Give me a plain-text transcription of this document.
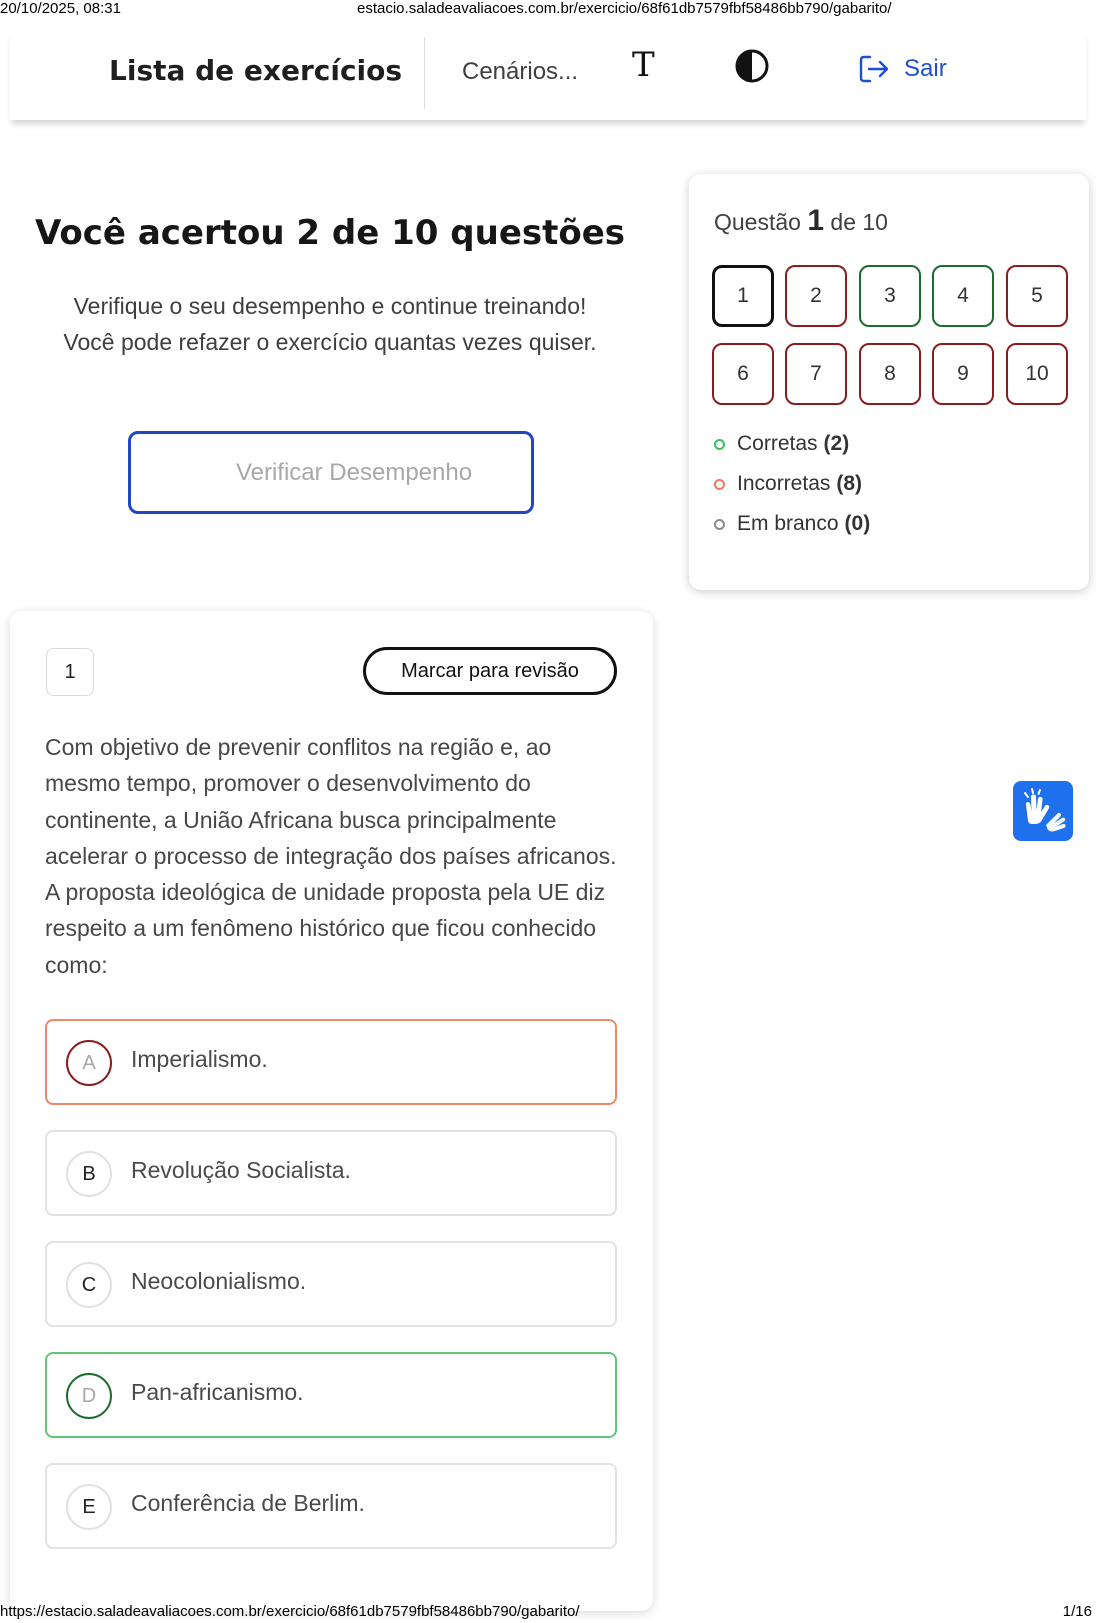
20/10/2025, 08:31	estacio.saladeavaliacoes.com.br/exercicio/68f61db7579fbf58486bb790/gabarito/
Lista de exercícios Cenários... T	Sair
Você acertou 2 de 10 questões
Verifique o seu desempenho e continue treinando! Você pode refazer o exercício quantas vezes quiser.
Verificar Desempenho
Questão 1 de 10
1	2	3	4	5
6	7	8	9	10
Corretas (2)
Incorretas (8)
Em branco (0)
1	Marcar para revisão
Com objetivo de prevenir conflitos na região e, ao mesmo tempo, promover o desenvolvimento do continente, a União Africana busca principalmente acelerar o processo de integração dos países africanos. A proposta ideológica de unidade proposta pela UE diz respeito a um fenômeno histórico que ficou conhecido como:
A	Imperialismo.
B	Revolução Socialista.
C	Neocolonialismo.
D	Pan-africanismo.
E	Conferência de Berlim.
https://estacio.saladeavaliacoes.com.br/exercicio/68f61db7579fbf58486bb790/gabarito/	1/16
